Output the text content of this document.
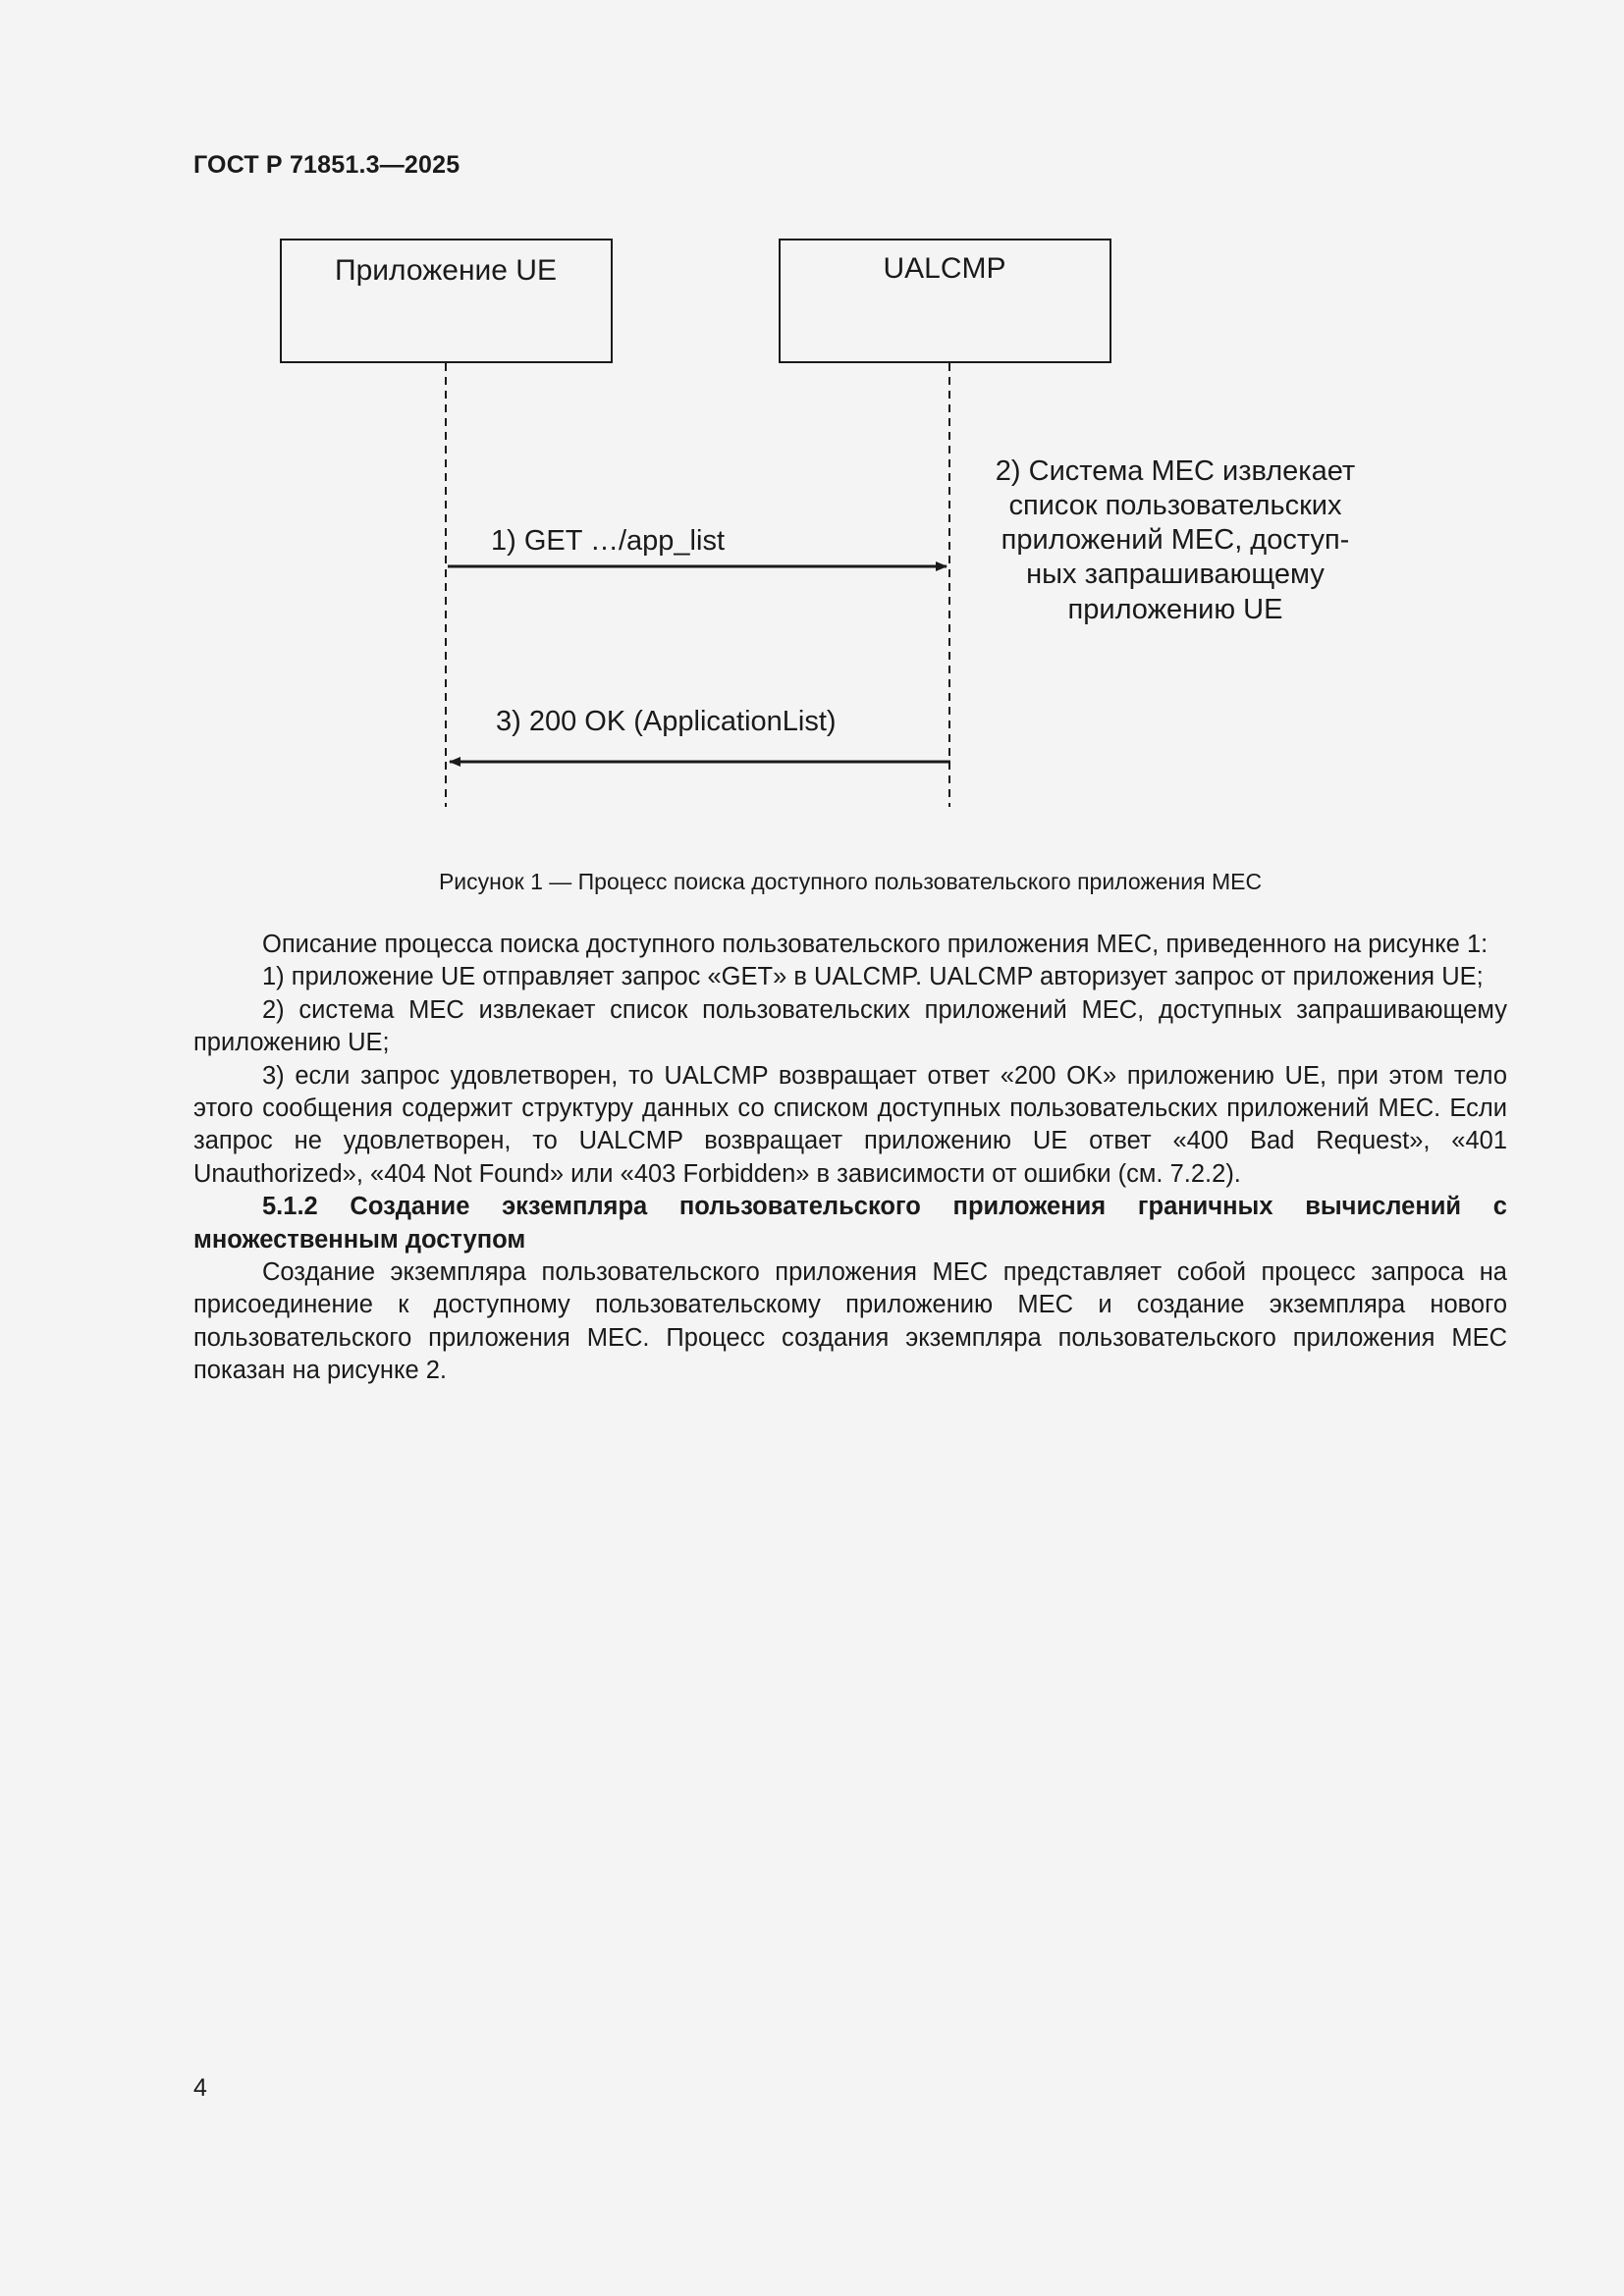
ГОСТ Р 71851.3—2025
Приложение UE	UALCMP
1) GET …/app_list
3) 200 OK (ApplicationList)
2) Система MEC извлекает
список пользовательских
приложений MEC, доступ-
ных запрашивающему
приложению UE
Рисунок 1 — Процесс поиска доступного пользовательского приложения MEC

Описание процесса поиска доступного пользовательского приложения MEC, приведенного на рисунке 1:

1) приложение UE отправляет запрос «GET» в UALCMP. UALCMP авторизует запрос от приложения UE;

2) система MEC извлекает список пользовательских приложений MEC, доступных запрашивающему приложению UE;

3) если запрос удовлетворен, то UALCMP возвращает ответ «200 OK» приложению UE, при этом тело этого сообщения содержит структуру данных со списком доступных пользовательских приложений MEC. Если запрос не удовлетворен, то UALCMP возвращает приложению UE ответ «400 Bad Request», «401 Unauthorized», «404 Not Found» или «403 Forbidden» в зависимости от ошибки (см. 7.2.2).

5.1.2 Создание экземпляра пользовательского приложения граничных вычислений с множественным доступом

Создание экземпляра пользовательского приложения MEC представляет собой процесс запроса на присоединение к доступному пользовательскому приложению MEC и создание экземпляра нового пользовательского приложения MEC. Процесс создания экземпляра пользовательского приложения MEC показан на рисунке 2.

4
